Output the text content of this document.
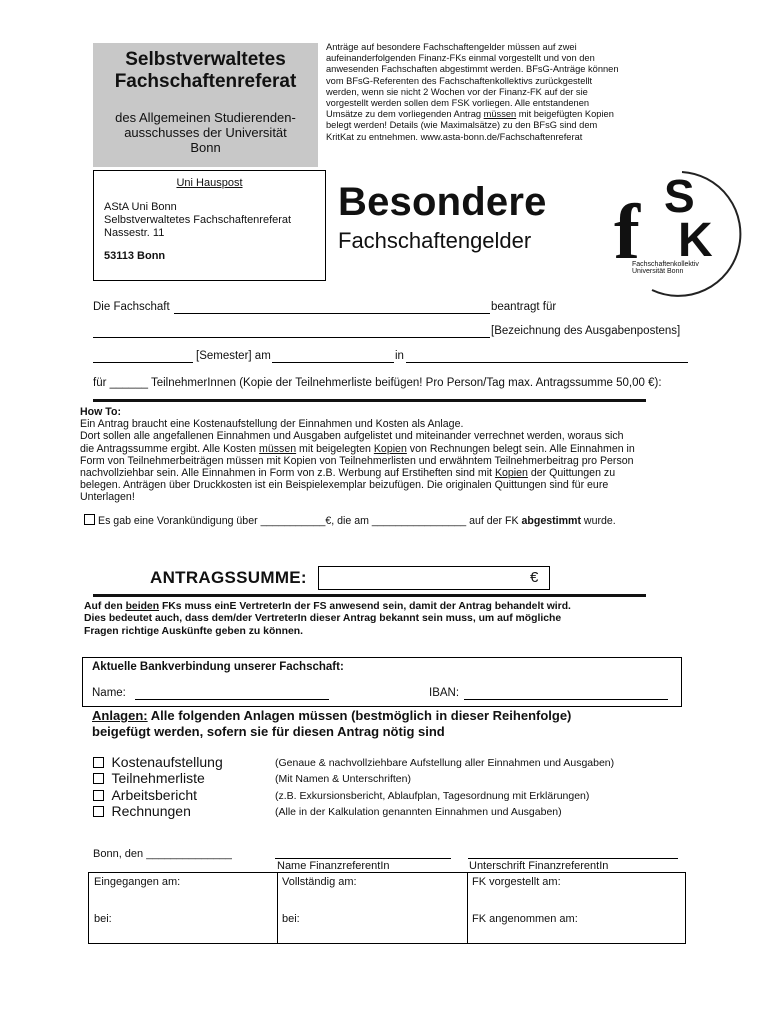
Selbstverwaltetes
Fachschaftenreferat
des Allgemeinen Studierenden-
ausschusses der Universität
Bonn
Anträge auf besondere Fachschaftengelder müssen auf zwei
aufeinanderfolgenden Finanz-FKs einmal vorgestellt und von den
anwesenden Fachschaften abgestimmt werden. BFsG-Anträge können
vom BFsG-Referenten des Fachschaftenkollektivs zurückgestellt
werden, wenn sie nicht 2 Wochen vor der Finanz-FK auf der sie
vorgestellt werden sollen dem FSK vorliegen. Alle entstandenen
Umsätze zu dem vorliegenden Antrag müssen mit beigefügten Kopien
belegt werden! Details (wie Maximalsätze) zu den BFsG sind dem
KritKat zu entnehmen. www.asta-bonn.de/Fachschaftenreferat
Uni Hauspost
AStA Uni Bonn
Selbstverwaltetes Fachschaftenreferat
Nassestr. 11
53113 Bonn
Besondere
Fachschaftengelder f S
K
Fachschaftenkollektiv
Universität Bonn
Die Fachschaft	beantragt für
[Bezeichnung des Ausgabenpostens]
[Semester] am	in
für ______ TeilnehmerInnen (Kopie der Teilnehmerliste beifügen! Pro Person/Tag max. Antragssumme 50,00 €):
How To:
Ein Antrag braucht eine Kostenaufstellung der Einnahmen und Kosten als Anlage.
Dort sollen alle angefallenen Einnahmen und Ausgaben aufgelistet und miteinander verrechnet werden, woraus sich
die Antragssumme ergibt. Alle Kosten müssen mit beigelegten Kopien von Rechnungen belegt sein. Alle Einnahmen in
Form von Teilnehmerbeiträgen müssen mit Kopien von Teilnehmerlisten und erwähntem Teilnehmerbeitrag pro Person
nachvollziehbar sein. Alle Einnahmen in Form von z.B. Werbung auf Erstiheften sind mit Kopien der Quittungen zu
belegen. Anträgen über Druckkosten ist ein Beispielexemplar beizufügen. Die originalen Quittungen sind für eure
Unterlagen!
Es gab eine Vorankündigung über ___________€, die am ________________ auf der FK abgestimmt wurde.
ANTRAGSSUMME:	€
Auf den beiden FKs muss einE VertreterIn der FS anwesend sein, damit der Antrag behandelt wird.
Dies bedeutet auch, dass dem/der VertreterIn dieser Antrag bekannt sein muss, um auf mögliche
Fragen richtige Auskünfte geben zu können.
Aktuelle Bankverbindung unserer Fachschaft:
Name:	IBAN:
Anlagen: Alle folgenden Anlagen müssen (bestmöglich in dieser Reihenfolge)
beigefügt werden, sofern sie für diesen Antrag nötig sind
Kostenaufstellung	(Genaue & nachvollziehbare Aufstellung aller Einnahmen und Ausgaben)
Teilnehmerliste	(Mit Namen & Unterschriften)
Arbeitsbericht	(z.B. Exkursionsbericht, Ablaufplan, Tagesordnung mit Erklärungen)
Rechnungen	(Alle in der Kalkulation genannten Einnahmen und Ausgaben)
Bonn, den ______________
Name FinanzreferentIn	Unterschrift FinanzreferentIn
Eingegangen am:	Vollständig am:	FK vorgestellt am:
bei:	bei:	FK angenommen am:
